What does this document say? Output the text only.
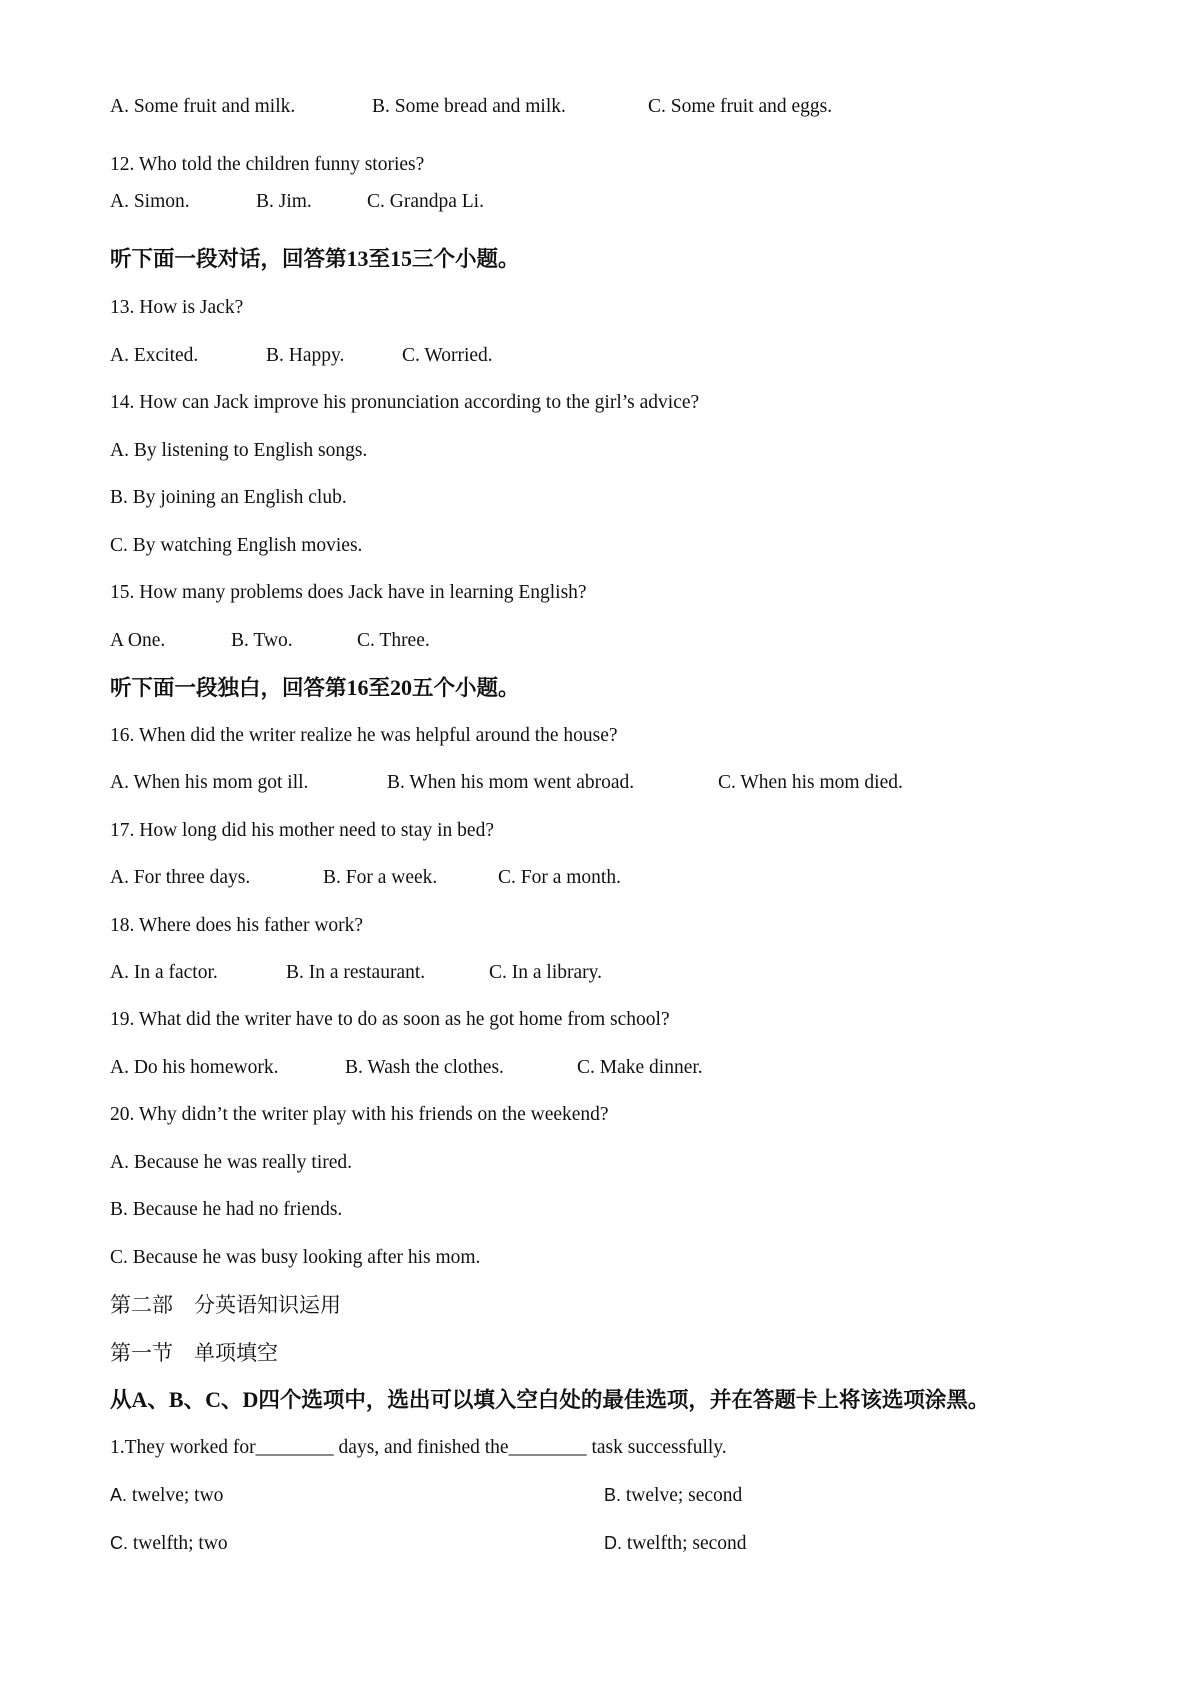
A. Some fruit and milk.	B. Some bread and milk.	C. Some fruit and eggs.
12. Who told the children funny stories?
A. Simon.	B. Jim.	C. Grandpa Li.
听下面一段对话，回答第13至15三个小题。
13. How is Jack?
A. Excited.	B. Happy.	C. Worried.
14. How can Jack improve his pronunciation according to the girl’s advice?
A. By listening to English songs.
B. By joining an English club.
C. By watching English movies.
15. How many problems does Jack have in learning English?
A One.	B. Two.	C. Three.
听下面一段独白，回答第16至20五个小题。
16. When did the writer realize he was helpful around the house?
A. When his mom got ill.	B. When his mom went abroad.	C. When his mom died.
17. How long did his mother need to stay in bed?
A. For three days.	B. For a week.	C. For a month.
18. Where does his father work?
A. In a factor.	B. In a restaurant.	C. In a library.
19. What did the writer have to do as soon as he got home from school?
A. Do his homework.	B. Wash the clothes.	C. Make dinner.
20. Why didn’t the writer play with his friends on the weekend?
A. Because he was really tired.
B. Because he had no friends.
C. Because he was busy looking after his mom.
第二部　分英语知识运用
第一节　单项填空
从A、B、C、D四个选项中，选出可以填入空白处的最佳选项，并在答题卡上将该选项涂黑。
1.They worked for________ days, and finished the________ task successfully.
A. twelve; two	B. twelve; second
C. twelfth; two	D. twelfth; second
